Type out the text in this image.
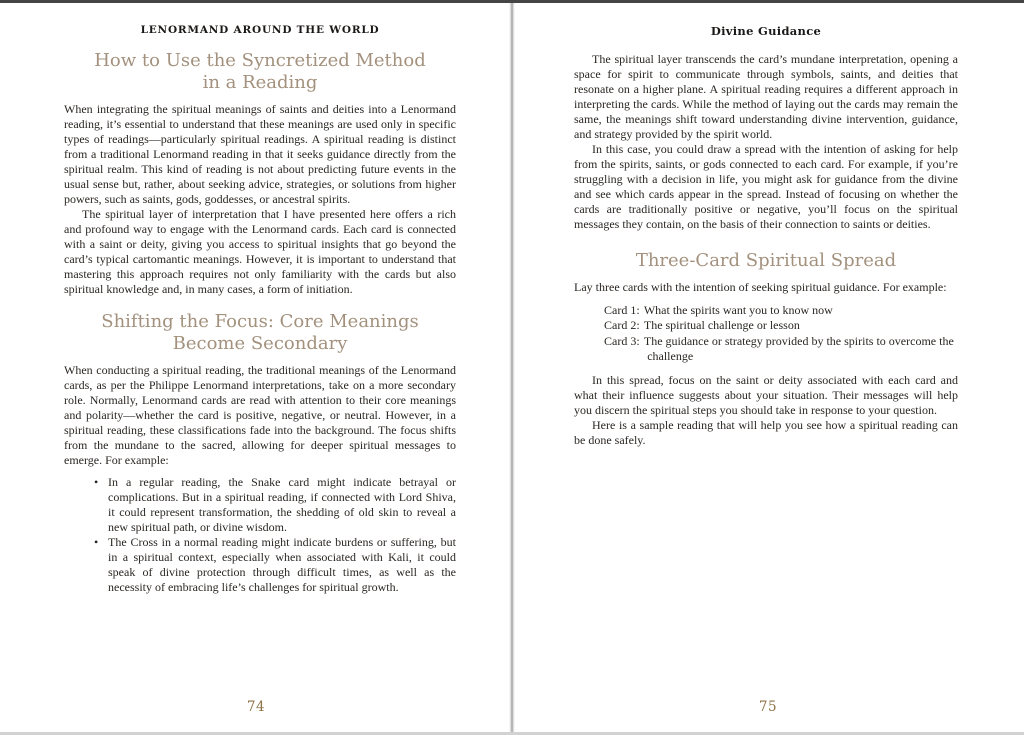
LENORMAND AROUND THE WORLD
How to Use the Syncretized Method
in a Reading

When integrating the spiritual meanings of saints and deities into a Lenormand reading, it’s essential to understand that these meanings are used only in specific types of readings—particularly spiritual readings. A spiritual reading is distinct from a traditional Lenormand reading in that it seeks guidance directly from the spiritual realm. This kind of reading is not about predicting future events in the usual sense but, rather, about seeking advice, strategies, or solutions from higher powers, such as saints, gods, goddesses, or ancestral spirits.

The spiritual layer of interpretation that I have presented here offers a rich and profound way to engage with the Lenormand cards. Each card is connected with a saint or deity, giving you access to spiritual insights that go beyond the card’s typical cartomantic meanings. However, it is important to understand that mastering this approach requires not only familiarity with the cards but also spiritual knowledge and, in many cases, a form of initiation.

Shifting the Focus: Core Meanings
Become Secondary

When conducting a spiritual reading, the traditional meanings of the Lenormand cards, as per the Philippe Lenormand interpretations, take on a more secondary role. Normally, Lenormand cards are read with attention to their core meanings and polarity—whether the card is positive, negative, or neutral. However, in a spiritual reading, these classifications fade into the background. The focus shifts from the mundane to the sacred, allowing for deeper spiritual messages to emerge. For example:

• In a regular reading, the Snake card might indicate betrayal or complications. But in a spiritual reading, if connected with Lord Shiva, it could represent transformation, the shedding of old skin to reveal a new spiritual path, or divine wisdom.
• The Cross in a normal reading might indicate burdens or suffering, but in a spiritual context, especially when associated with Kali, it could speak of divine protection through difficult times, as well as the necessity of embracing life’s challenges for spiritual growth.
74
Divine Guidance

The spiritual layer transcends the card’s mundane interpretation, opening a space for spirit to communicate through symbols, saints, and deities that resonate on a higher plane. A spiritual reading requires a different approach in interpreting the cards. While the method of laying out the cards may remain the same, the meanings shift toward understanding divine intervention, guidance, and strategy provided by the spirit world.

In this case, you could draw a spread with the intention of asking for help from the spirits, saints, or gods connected to each card. For example, if you’re struggling with a decision in life, you might ask for guidance from the divine and see which cards appear in the spread. Instead of focusing on whether the cards are traditionally positive or negative, you’ll focus on the spiritual messages they contain, on the basis of their connection to saints or deities.

Three-Card Spiritual Spread

Lay three cards with the intention of seeking spiritual guidance. For example:

Card 1: What the spirits want you to know now
Card 2: The spiritual challenge or lesson
Card 3: The guidance or strategy provided by the spirits to overcome the challenge

In this spread, focus on the saint or deity associated with each card and what their influence suggests about your situation. Their messages will help you discern the spiritual steps you should take in response to your question.

Here is a sample reading that will help you see how a spiritual reading can be done safely.

75
